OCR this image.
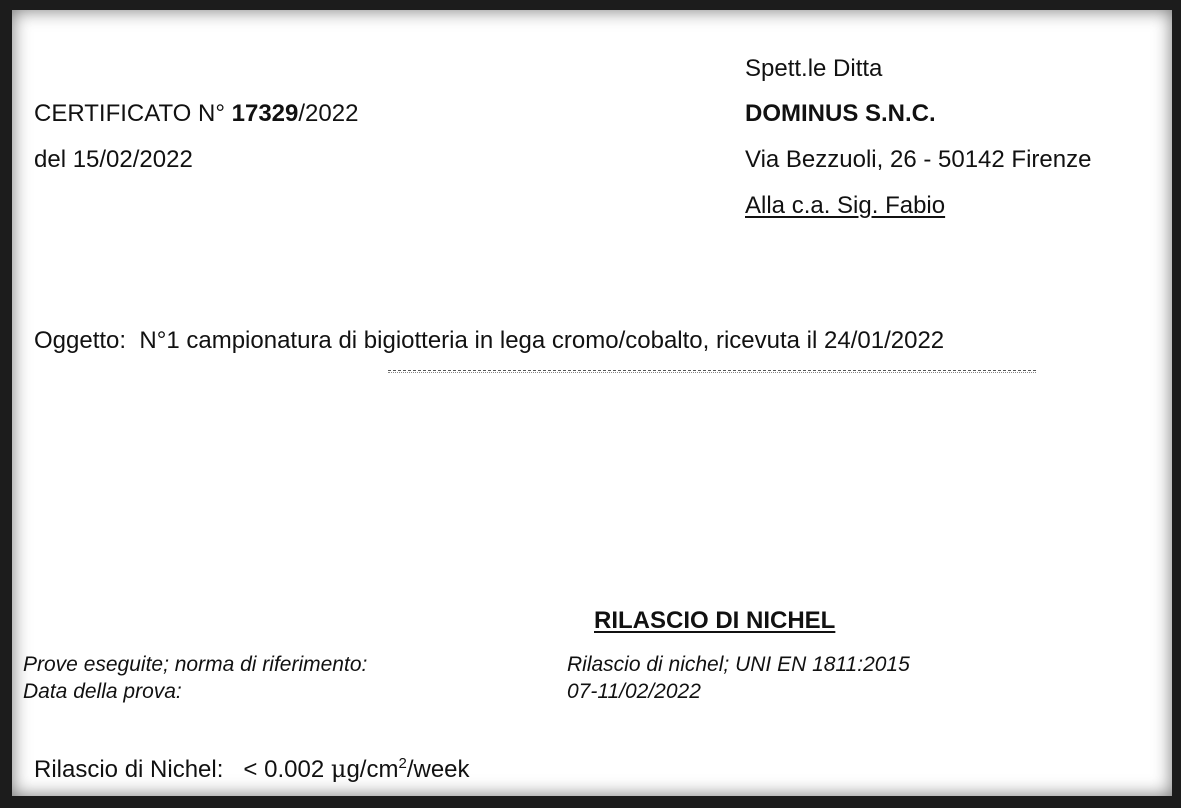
CERTIFICATO N° 17329/2022
del 15/02/2022
Spett.le Ditta
DOMINUS S.N.C.
Via Bezzuoli, 26 - 50142 Firenze
Alla c.a. Sig. Fabio
Oggetto: N°1 campionatura di bigiotteria in lega cromo/cobalto, ricevuta il 24/01/2022
RILASCIO DI NICHEL
Prove eseguite; norma di riferimento:
Data della prova:
Rilascio di nichel; UNI EN 1811:2015
07-11/02/2022
Rilascio di Nichel: < 0.002 $\mu g/cm^2$/week
